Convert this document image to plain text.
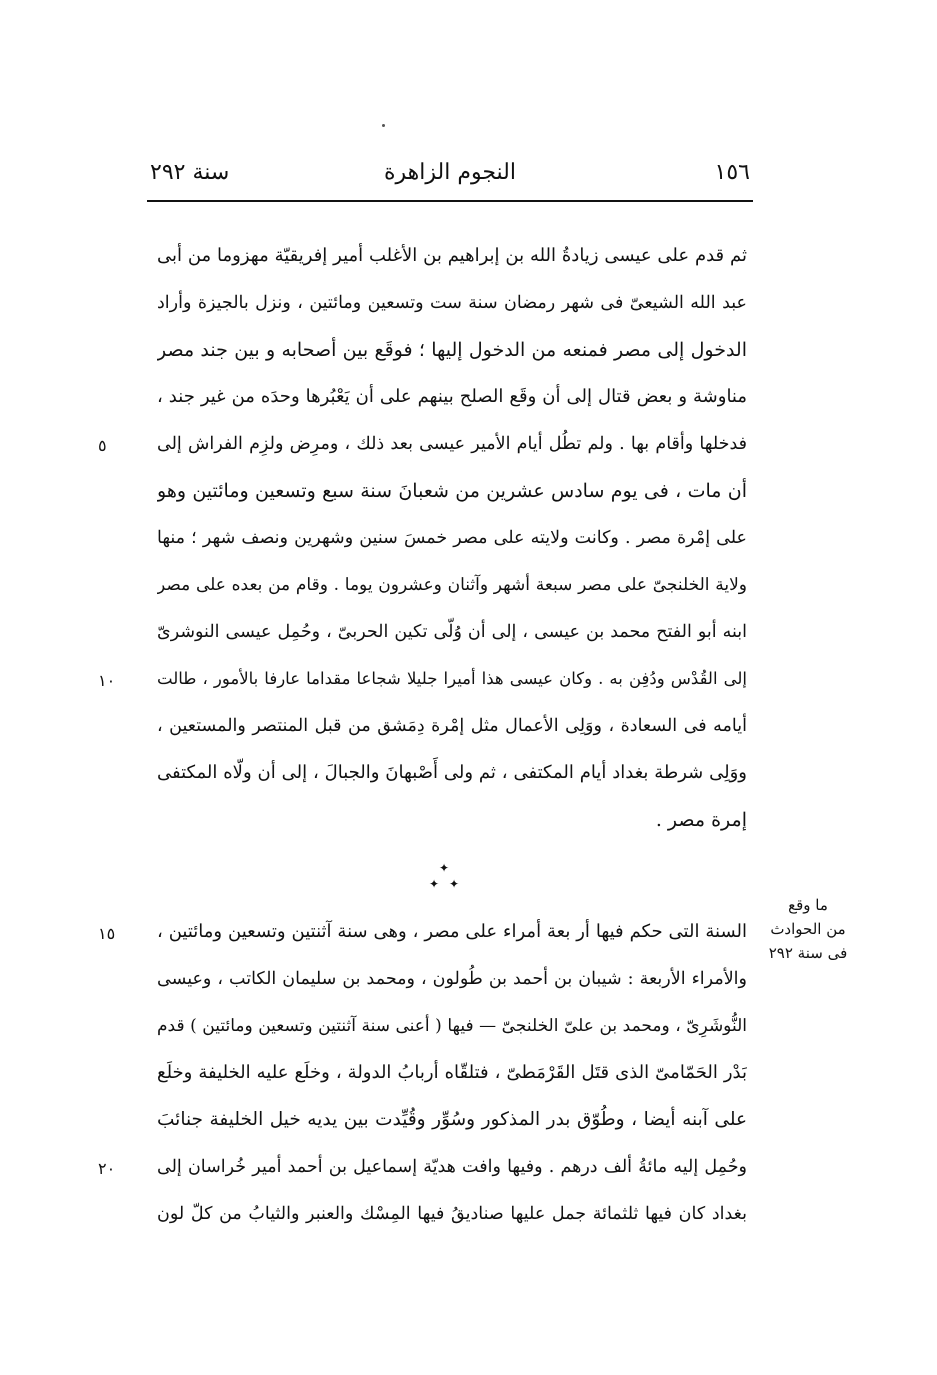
١٥٦
النجوم الزاهرة
سنة ٢٩٢
ثم قدم على عيسى زيادةُ الله بن إبراهيم بن الأغلب أمير إفريقيّة مهزوما من أبى
عبد الله الشيعىّ فى شهر رمضان سنة ست وتسعين ومائتين ، ونزل بالجيزة وأراد
الدخول إلى مصر فمنعه من الدخول إليها ؛ فوقَع بين أصحابه و بين جند مصر
مناوشة و بعض قتال إلى أن وقَع الصلح بينهم على أن يَعْبُرها وحدَه من غير جند ،
فدخلها وأقام بها . ولم تطُل أيام الأمير عيسى بعد ذلك ، ومرِض ولزِم الفراش إلى
أن مات ، فى يوم سادس عشرين من شعبانَ سنة سبع وتسعين ومائتين وهو
على إمْرة مصر . وكانت ولايته على مصر خمسَ سنين وشهرين ونصف شهر ؛ منها
ولاية الخلنجىّ على مصر سبعة أشهر وآثنان وعشرون يوما . وقام من بعده على مصر
ابنه أبو الفتح محمد بن عيسى ، إلى أن وُلّى تكين الحربىّ ، وحُمِل عيسى النوشرىّ
إلى القُدْس ودُفِن به . وكان عيسى هذا أميرا جليلا شجاعا مقداما عارفا بالأمور ، طالت
أيامه فى السعادة ، ووَلِى الأعمال مثل إمْرة دِمَشق من قبل المنتصر والمستعين ،
ووَلِى شرطة بغداد أيام المكتفى ، ثم ولى أَصْبهانَ والجبالَ ، إلى أن ولّاه المكتفى
إمرة مصر .
✦
✦ ✦
السنة التى حكم فيها أر بعة أمراء على مصر ، وهى سنة آثنتين وتسعين ومائتين ،
والأمراء الأربعة : شيبان بن أحمد بن طُولون ، ومحمد بن سليمان الكاتب ، وعيسى
النُّوشَرِىّ ، ومحمد بن علىّ الخلنجىّ — فيها ( أعنى سنة آثنتين وتسعين ومائتين ) قدم
بَدْر الحَمّامىّ الذى قتَل القَرْمَطىّ ، فتلقّاه أربابُ الدولة ، وخلَع عليه الخليفة وخلَع
على آبنه أيضا ، وطُوّق بدر المذكور وسُوِّر وقُيِّدت بين يديه خيل الخليفة جنائبَ
وحُمِل إليه مائةُ ألف درهم . وفيها وافت هديّة إسماعيل بن أحمد أمير خُراسان إلى
بغداد كان فيها ثلثمائة جمل عليها صناديقُ فيها المِسْك والعنبر والثيابُ من كلّ لون
٥
١٠
١٥
٢٠
ما وقع
من الحوادث
فى سنة ٢٩٢
